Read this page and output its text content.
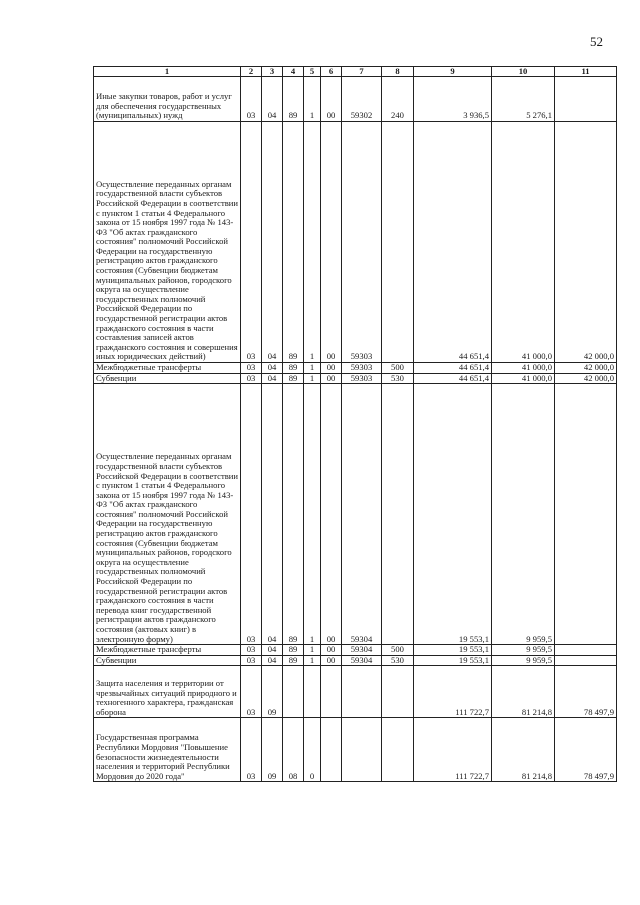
52
1	2	3	4	5	6	7	8	9	10	11
Иные закупки товаров, работ и услуг для обеспечения государственных (муниципальных) нужд	03	04	89	1	00	59302	240	3 936,5	5 276,1	
Осуществление переданных органам государственной власти субъектов Российской Федерации в соответствии с пунктом 1 статьи 4 Федерального закона от 15 ноября 1997 года № 143-ФЗ "Об актах гражданского состояния" полномочий Российской Федерации на государственную регистрацию актов гражданского состояния (Субвенции бюджетам муниципальных районов, городского округа на осуществление государственных полномочий Российской Федерации по государственной регистрации актов гражданского состояния в части составления записей актов гражданского состояния и совершения иных юридических действий)	03	04	89	1	00	59303		44 651,4	41 000,0	42 000,0
Межбюджетные трансферты	03	04	89	1	00	59303	500	44 651,4	41 000,0	42 000,0
Субвенции	03	04	89	1	00	59303	530	44 651,4	41 000,0	42 000,0
Осуществление переданных органам государственной власти субъектов Российской Федерации в соответствии с пунктом 1 статьи 4 Федерального закона от 15 ноября 1997 года № 143-ФЗ "Об актах гражданского состояния" полномочий Российской Федерации на государственную регистрацию актов гражданского состояния (Субвенции бюджетам муниципальных районов, городского округа на осуществление государственных полномочий Российской Федерации по государственной регистрации актов гражданского состояния в части перевода книг государственной регистрации актов гражданского состояния (актовых книг) в электронную форму)	03	04	89	1	00	59304		19 553,1	9 959,5	
Межбюджетные трансферты	03	04	89	1	00	59304	500	19 553,1	9 959,5	
Субвенции	03	04	89	1	00	59304	530	19 553,1	9 959,5	
Защита населения и территории от чрезвычайных ситуаций природного и техногенного характера, гражданская оборона	03	09						111 722,7	81 214,8	78 497,9
Государственная программа Республики Мордовия "Повышение безопасности жизнедеятельности населения и территорий Республики Мордовия до 2020 года"	03	09	08	0				111 722,7	81 214,8	78 497,9
